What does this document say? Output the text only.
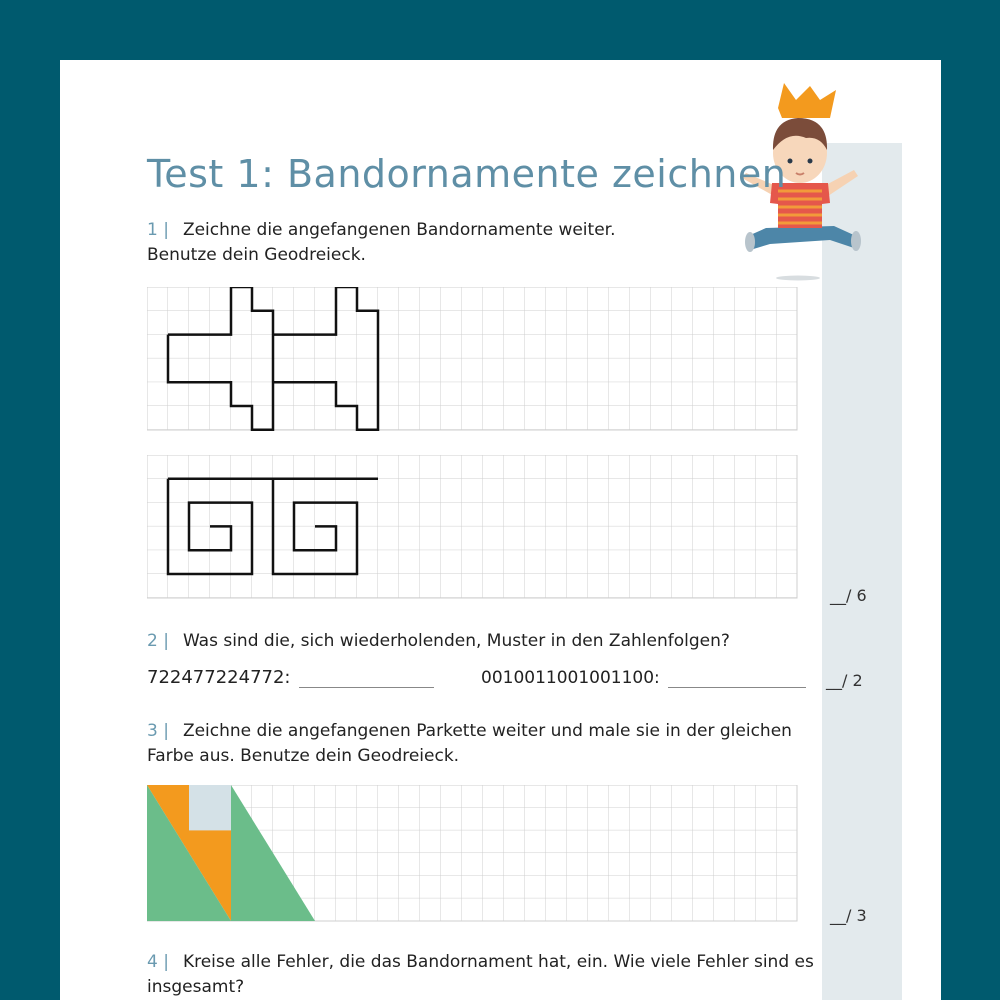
Test 1: Bandornamente zeichnen
1 | Zeichne die angefangenen Bandornamente weiter.
Benutze dein Geodreieck.
__/ 6
2 | Was sind die, sich wiederholenden, Muster in den Zahlenfolgen?
722477224772:	0010011001001100:	__/ 2
3 | Zeichne die angefangenen Parkette weiter und male sie in der gleichen
Farbe aus. Benutze dein Geodreieck.
__/ 3
4 | Kreise alle Fehler, die das Bandornament hat, ein. Wie viele Fehler sind es
insgesamt?
